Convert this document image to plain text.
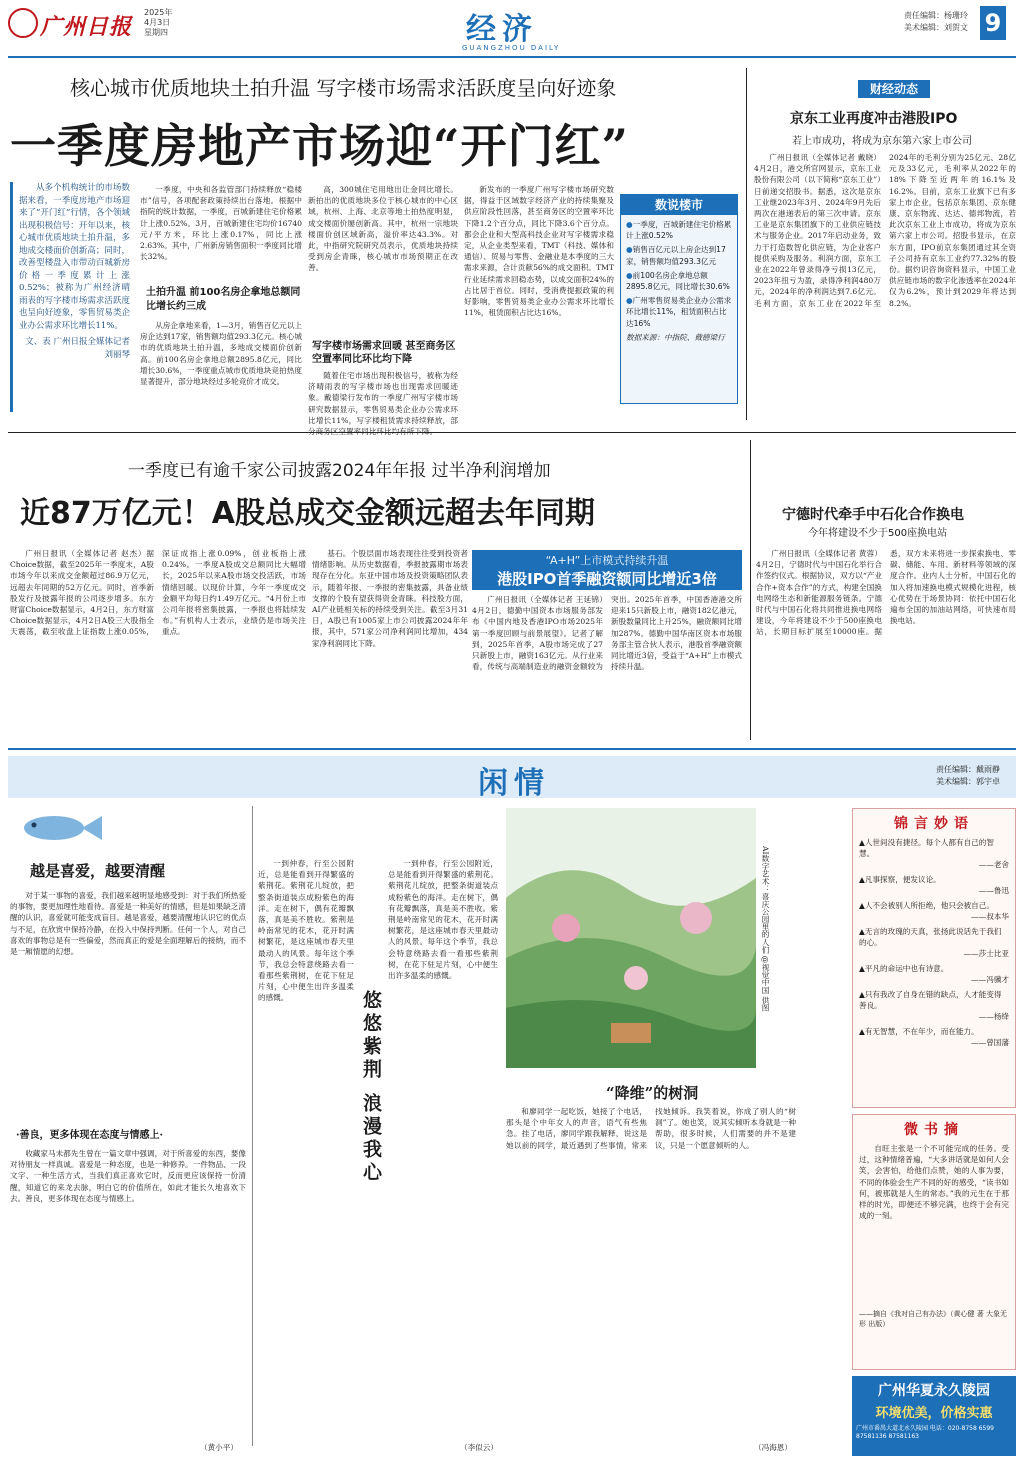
广州日报
2025年
4月3日
星期四	经济
GUANGZHOU DAILY
责任编辑：杨珊玲
美术编辑：刘贺文 9
核心城市优质地块土拍升温 写字楼市场需求活跃度呈向好迹象
一季度房地产市场迎“开门红”

从多个机构统计的市场数据来看，一季度房地产市场迎来了“开门红”行情，各个领域出现积极信号：开年以来，核心城市优质地块土拍升温，多地成交楼面价创新高；同时，改善型楼盘入市带动百城新房价格一季度累计上涨0.52%；被称为广州经济晴雨表的写字楼市场需求活跃度也呈向好迹象，零售贸易类企业办公需求环比增长11%。

文、表 广州日报全媒体记者刘丽琴

一季度，中央和各监管部门持续释放“稳楼市”信号，各项配套政策持续出台落地。根据中指院的统计数据，一季度，百城新建住宅价格累计上涨0.52%。3月，百城新建住宅均价16740元/平方米，环比上涨0.17%，同比上涨2.63%。其中，广州新房销售面积一季度同比增长32%。

土拍升温 前100名房企拿地总额同比增长约三成

从房企拿地来看，1—3月，销售百亿元以上房企达到17家，销售额均值293.3亿元。核心城市的优质地块土拍升温，多地成交楼面价创新高。前100名房企拿地总额2895.8亿元，同比增长30.6%，一季度重点城市优质地块竞拍热度显著提升，部分地块经过多轮竞价才成交。

高，300城住宅用地出让金同比增长。新拍出的优质地块多位于核心城市的中心区域，杭州、上海、北京等地土拍热度明显，成交楼面价屡创新高。其中，杭州一宗地块楼面价创区域新高，溢价率达43.3%。对此，中指研究院研究员表示，优质地块持续受到房企青睐，核心城市市场预期正在改善。

写字楼市场需求回暖 甚至商务区空置率同比环比均下降

随着住宅市场出现积极信号，被称为经济晴雨表的写字楼市场也出现需求回暖迹象。戴德梁行发布的一季度广州写字楼市场研究数据显示，零售贸易类企业办公需求环比增长11%，写字楼租赁需求持续释放，部

新发布的一季度广州写字楼市场研究数据，得益于区域数字经济产业的持续集聚及供应阶段性回落，甚至商务区的空置率环比下降1.2个百分点，同比下降3.6个百分点。都会企业和大型高科技企业对写字楼需求稳定，从企业类型来看，TMT（科技、媒体和通信）、贸易与零售、金融业是本季度的三大需求来源，合计贡献56%的成交面积。TMT行业延续需求回稳态势，以成交面积24%的占比居于首位。同时，受消费提振政策的利好影响，零售贸易类企业办公需求环比增长11%，租赁面积占比达16%。

数说楼市
●一季度，百城新建住宅价格累计上涨0.52%
●销售百亿元以上房企达到17家，销售额均值293.3亿元
●前100名房企拿地总额2895.8亿元，同比增长30.6%
●广州零售贸易类企业办公需求环比增长11%，租赁面积占比达16%
数据来源：中指院、戴德梁行
财经动态
京东工业再度冲击港股IPO
若上市成功，将成为京东第六家上市公司

广州日报讯（全媒体记者 戴晓）4月2日，港交所官网显示，京东工业股份有限公司（以下简称“京东工业”）日前递交招股书。据悉，这次是京东工业继2023年3月、2024年9月先后两次在港递表后的第三次申请。京东工业是京东集团旗下的工业供应链技术与服务企业。2017年启动业务，致力于打造数智化供应链，为企业客户提供采购及服务。利润方面，京东工业在2022年曾录得净亏损13亿元，2023年扭亏为盈，录得净利润480万元，2024年的净利润达到7.6亿元。毛利方面，京东工业在2022年至2024年的毛利分别为25亿元、28亿元及33亿元，毛利率从2022年的18%下降至近两年的16.1%及16.2%。目前，京东工业旗下已有多家上市企业，包括京东集团、京东健康、京东物流、达达、德邦物流，若此次京东工业上市成功，将成为京东第六家上市公司。招股书显示，在京东方面，IPO前京东集团通过其全资子公司持有京东工业约77.32%的股份。据灼识咨询资料显示，中国工业供应链市场的数字化渗透率在2024年仅为6.2%，预计到2029年将达到8.2%。

一季度已有逾千家公司披露2024年年报 过半净利润增加
近87万亿元！A股总成交金额远超去年同期

广州日报讯（全媒体记者 赵杰）据Choice数据，截至2025年一季度末，A股市场今年以来成交金额超过86.9万亿元，远超去年同期的52万亿元。同时，首季新股发行及披露年报的公司逐步增多。东方财富Choice数据显示，4月2日，东方财富Choice数据显示，4月2日A股三大股指全天震荡，截至收盘上证指数上涨0.05%，深证成指上涨0.09%，创业板指上涨0.24%。一季度A股成交总额同比大幅增长，2025年以来A股市场交投活跃，市场情绪回暖。以现价计算，今年一季度成交金额平均每日约1.49万亿元。“4月份上市公司年报将密集披露，一季报也将陆续发布。”有机构人士表示，业绩仍是市场关注重点。

基石。个股层面市场表现往往受到投资者情绪影响。从历史数据看，季报披露期市场表现存在分化。东亚中国市场及投资策略团队表示，随着年报、一季报的密集披露，具备业绩支撑的个股有望获得资金青睐。科技股方面，AI产业链相关标的持续受到关注。截至3月31日，A股已有1005家上市公司披露2024年年报，其中，571家公司净利润同比增加，434家净利润同比下降。

“A+H”上市模式持续升温
港股IPO首季融资额同比增近3倍

广州日报讯（全媒体记者 王延锦）4月2日，德勤中国资本市场服务部发布《中国内地及香港IPO市场2025年第一季度回顾与前景展望》。记者了解到，2025年首季，A股市场完成了27只新股上市，融资163亿元。从行业来看，传统与高端制造业的融资金额较为突出。2025年首季，中国香港港交所迎来15只新股上市，融资182亿港元，新股数量同比上升25%，融资额同比增加287%。德勤中国华南区资本市场服务部主管合伙人表示，港股首季融资额同比增近3倍，受益于“A+H”上市模式持续升温。

宁德时代牵手中石化合作换电
今年将建设不少于500座换电站

广州日报讯（全媒体记者 黄蓉）4月2日，宁德时代与中国石化举行合作签约仪式。根据协议，双方以“产业合作+资本合作”的方式，构建全国换电网络生态和新能源服务链条。宁德时代与中国石化将共同推进换电网络建设，今年将建设不少于500座换电站，长期目标扩展至10000座。据悉，双方未来将进一步探索换电、零碳、储能、车用、新材料等领域的深度合作。业内人士分析，中国石化的加入将加速换电模式规模化进程，核心优势在于场景协同：依托中国石化遍布全国的加油站网络，可快速布局换电站。

闲情	责任编辑：戴雨静
美术编辑：郭宇卓
越是喜爱，越要清醒

对于某一事物的喜爱，我们越来越明显地感受到：对于我们所热爱的事物，要更加理性地看待。喜爱是一种美好的情感，但是如果缺乏清醒的认识，喜爱就可能变成盲目。越是喜爱，越要清醒地认识它的优点与不足，在欣赏中保持冷静，在投入中保持判断。任何一个人，对自己喜欢的事物总是有一些偏爱，然而真正的爱是全面理解后的接纳，而不是一厢情愿的幻想。

·善良，更多体现在态度与情感上·

收藏家马未都先生曾在一篇文章中强调，对于所喜爱的东西，要像对待朋友一样真诚。喜爱是一种态度，也是一种修养。一件物品、一段文字、一种生活方式，当我们真正喜欢它时，反而更应该保持一份清醒，知道它的来龙去脉，明白它的价值所在，如此才能长久地喜欢下去。善良，更多体现在态度与情感上。

（黄小平）

一到仲春，行至公园附近，总是能看到开得繁盛的紫荆花。紫荆花儿绽放，把整条街道装点成粉紫色的海洋。走在树下，偶有花瓣飘落，真是美不胜收。紫荆是岭南常见的花木，花开时满树繁花，是这座城市春天里最动人的风景。每年这个季节，我总会特意绕路去看一看那些紫荆树，在花下驻足片刻，心中便生出许多温柔的感慨。	悠悠紫荆 浪漫我心

一到仲春，行至公园附近，总是能看到开得繁盛的紫荆花。紫荆花儿绽放，把整条街道装点成粉紫色的海洋。走在树下，偶有花瓣飘落，真是美不胜收。紫荆是岭南常见的花木，花开时满树繁花，是这座城市春天里最动人的风景。每年这个季节，我总会特意绕路去看一看那些紫荆树，在花下驻足片刻，心中便生出许多温柔的感慨。

（李似云）
AI数字艺术：喜庆公园里的人们 @视觉中国 供图
“降维”的树洞

和廖同学一起吃饭，她接了个电话，那头是个中年女人的声音，语气有些焦急。挂了电话，廖同学跟我解释，说这是她以前的同学，最近遇到了些事情，常来找她倾诉。我笑着说，你成了别人的“树洞”了。她也笑，说其实倾听本身就是一种帮助，很多时候，人们需要的并不是建议，只是一个愿意倾听的人。

（冯海恩）
锦言妙语
▲人世间没有捷径。每个人都有自己的智慧。
——老舍
▲凡事探察，便发议论。
——鲁迅
▲人不会被别人所拒绝，他只会被自己。
——叔本华
▲无言的玫瑰的天真，张扬此说话先于我们的心。
——莎士比亚
▲平凡的命运中也有诗意。
——冯骥才
▲只有我改了自身在错的缺点，人才能变得善良。
——杨绛
▲有无智慧，不在年少，而在能力。
——曾国藩
微书摘

自旺主张是一个不可能完成的任务。受过，这种情绪普遍，“大多讲话就是如何人会笑，会害怕，给他们点赞，她的人事为要，不同的体验会生产不同的好的感受，“读书如何，被那就是人生的常态。”我的元生在于那样的时光，即便还不够完满，也终于会有完成的一刻。

——摘自《我对自己有办法》（黄心健 著 大象无形 出版）
广州华夏永久陵园
环境优美，价格实惠
广州市番禺大道北永久陵园 电话：020-8758 6599 87581136 87581163
